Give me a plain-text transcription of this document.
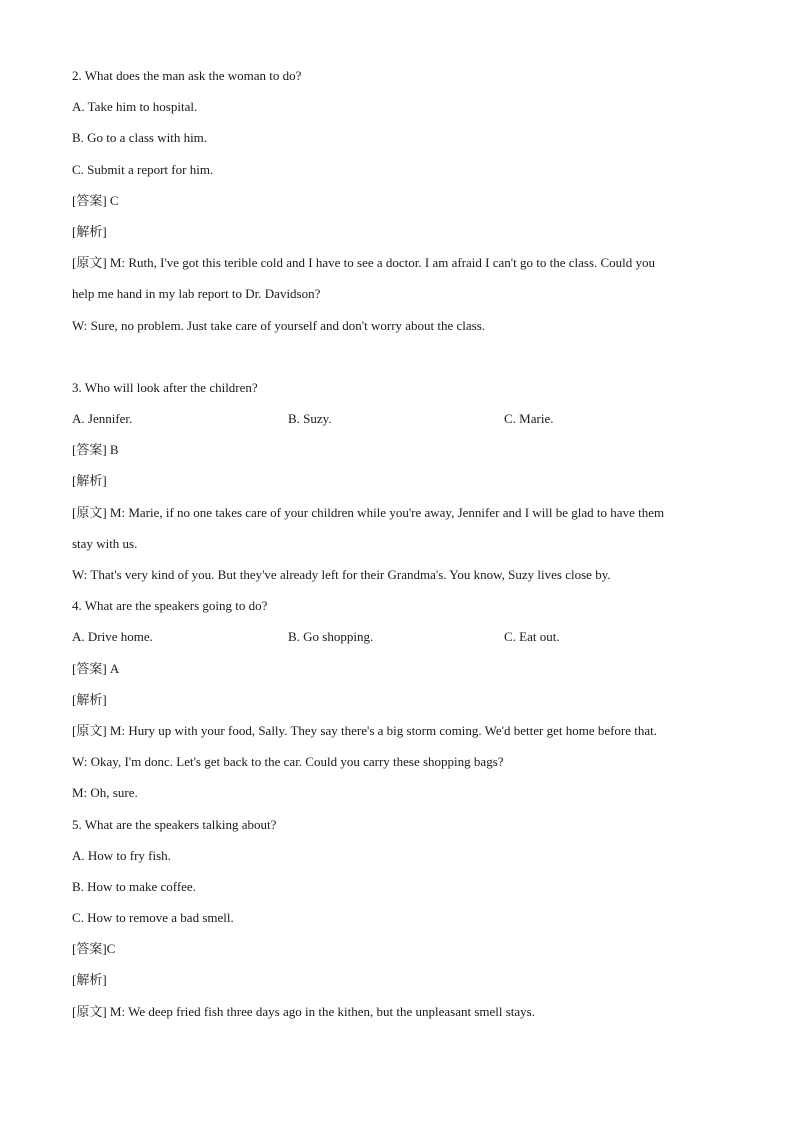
2. What does the man ask the woman to do?
A. Take him to hospital.
B. Go to a class with him.
C. Submit a report for him.
[答案] C
[解析]
[原文] M: Ruth, I've got this terible cold and I have to see a doctor. I am afraid I can't go to the class. Could you
help me hand in my lab report to Dr. Davidson?
W: Sure, no problem. Just take care of yourself and don't worry about the class.
3. Who will look after the children?
A. Jennifer.	B. Suzy.	C. Marie.
[答案] B
[解析]
[原文] M: Marie, if no one takes care of your children while you're away, Jennifer and I will be glad to have them
stay with us.
W: That's very kind of you. But they've already left for their Grandma's. You know, Suzy lives close by.
4. What are the speakers going to do?
A. Drive home.	B. Go shopping.	C. Eat out.
[答案] A
[解析]
[原文] M: Hury up with your food, Sally. They say there's a big storm coming. We'd better get home before that.
W: Okay, I'm donc. Let's get back to the car. Could you carry these shopping bags?
M: Oh, sure.
5. What are the speakers talking about?
A. How to fry fish.
B. How to make coffee.
C. How to remove a bad smell.
[答案]C
[解析]
[原文] M: We deep fried fish three days ago in the kithen, but the unpleasant smell stays.
